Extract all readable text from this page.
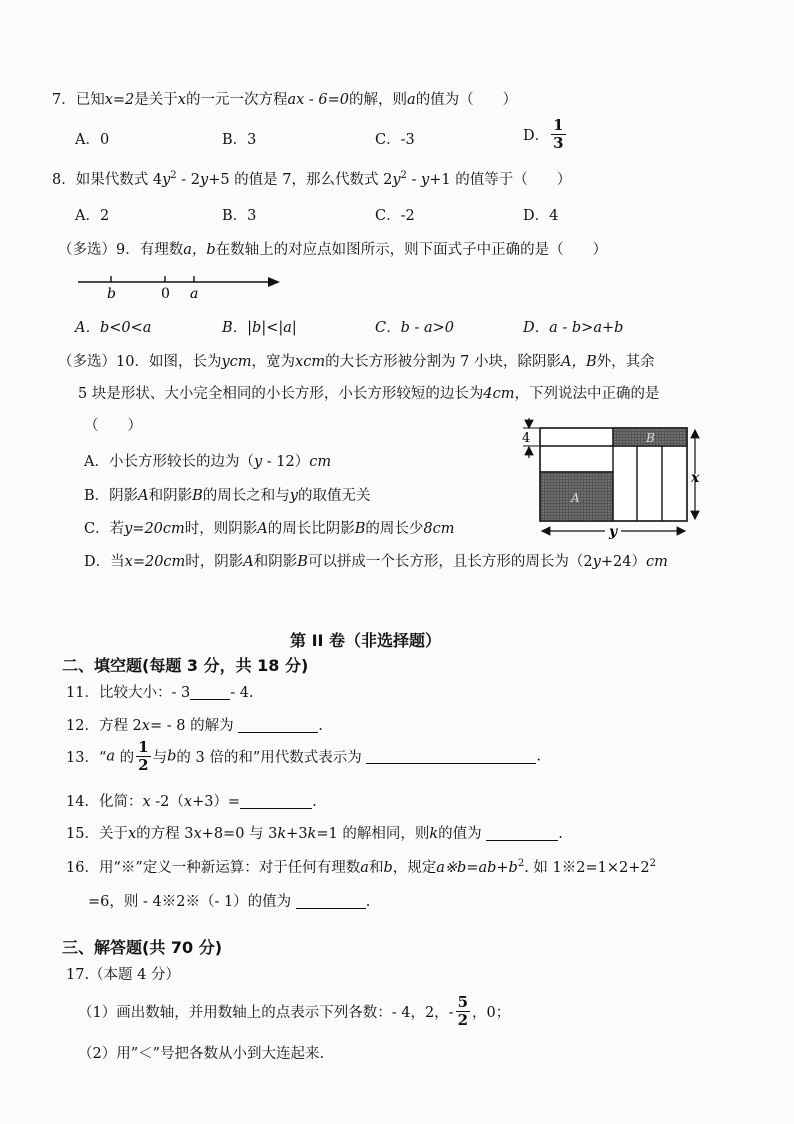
7．已知x=2是关于x的一元一次方程ax - 6=0的解，则a的值为（　　）
A．0	B．3	C．-3	D． $\frac{1}{3}$
8．如果代数式 $4y^2 - 2y+5$ 的值是 7，那么代数式 $2y^2 - y+1$ 的值等于（　　）
A．2	B．3	C．-2	D．4
（多选）9．有理数a，b在数轴上的对应点如图所示，则下面式子中正确的是（　　）
b	0 a
A．b<0<a	B．|b|<|a|	C．b - a>0	D．a - b>a+b
（多选）10．如图，长为ycm，宽为xcm的大长方形被分割为 7 小块，除阴影A，B外，其余
5 块是形状、大小完全相同的小长方形，小长方形较短的边长为4cm，下列说法中正确的是
（　　）
A．小长方形较长的边为（y - 12）cm
B．阴影A和阴影B的周长之和与y的取值无关
C．若y=20cm时，则阴影A的周长比阴影B的周长少8cm
D．当x=20cm时，阴影A和阴影B可以拼成一个长方形，且长方形的周长为（2y+24）cm
4
x
y
A
B
第 II 卷（非选择题）
二、填空题(每题 3 分，共 18 分)
11．比较大小：- 3	- 4.
12．方程 2x= - 8 的解为	.
13．“a 的 $\frac{1}{2}$ 与b的 3 倍的和”用代数式表示为	.
14．化简：x -2（x+3）=	.
15．关于x的方程 3x+8=0 与 3k+3k=1 的解相同，则k的值为	.
16．用“※”定义一种新运算：对于任何有理数a和b，规定$a※b=ab+b^2$. 如 $1※2=1\times 2+2^2$
=6，则 - 4※2※（- 1）的值为	.
三、解答题(共 70 分)
17.（本题 4 分）
（1）画出数轴，并用数轴上的点表示下列各数：- 4，2，- $\frac{5}{2}$ ，0；
（2）用”＜”号把各数从小到大连起来.
